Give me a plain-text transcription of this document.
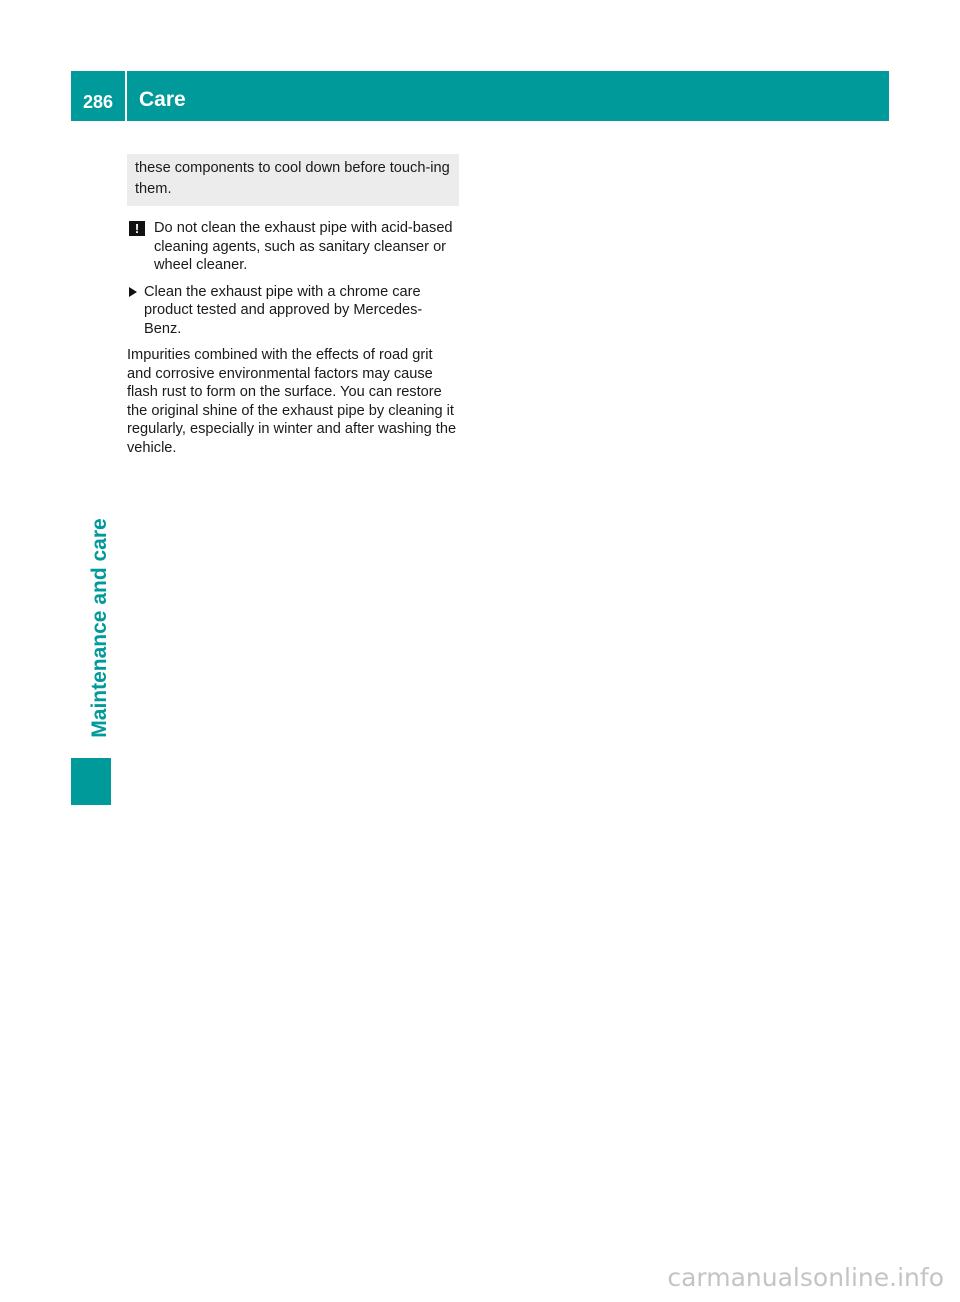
286	Care
Maintenance and care
these components to cool down before touch-ing them.
!	Do not clean the exhaust pipe with acid-based cleaning agents, such as sanitary cleanser or wheel cleaner.
Clean the exhaust pipe with a chrome care product tested and approved by Mercedes-Benz.

Impurities combined with the effects of road grit and corrosive environmental factors may cause flash rust to form on the surface. You can restore the original shine of the exhaust pipe by cleaning it regularly, especially in winter and after washing the vehicle.

carmanualsonline.info
